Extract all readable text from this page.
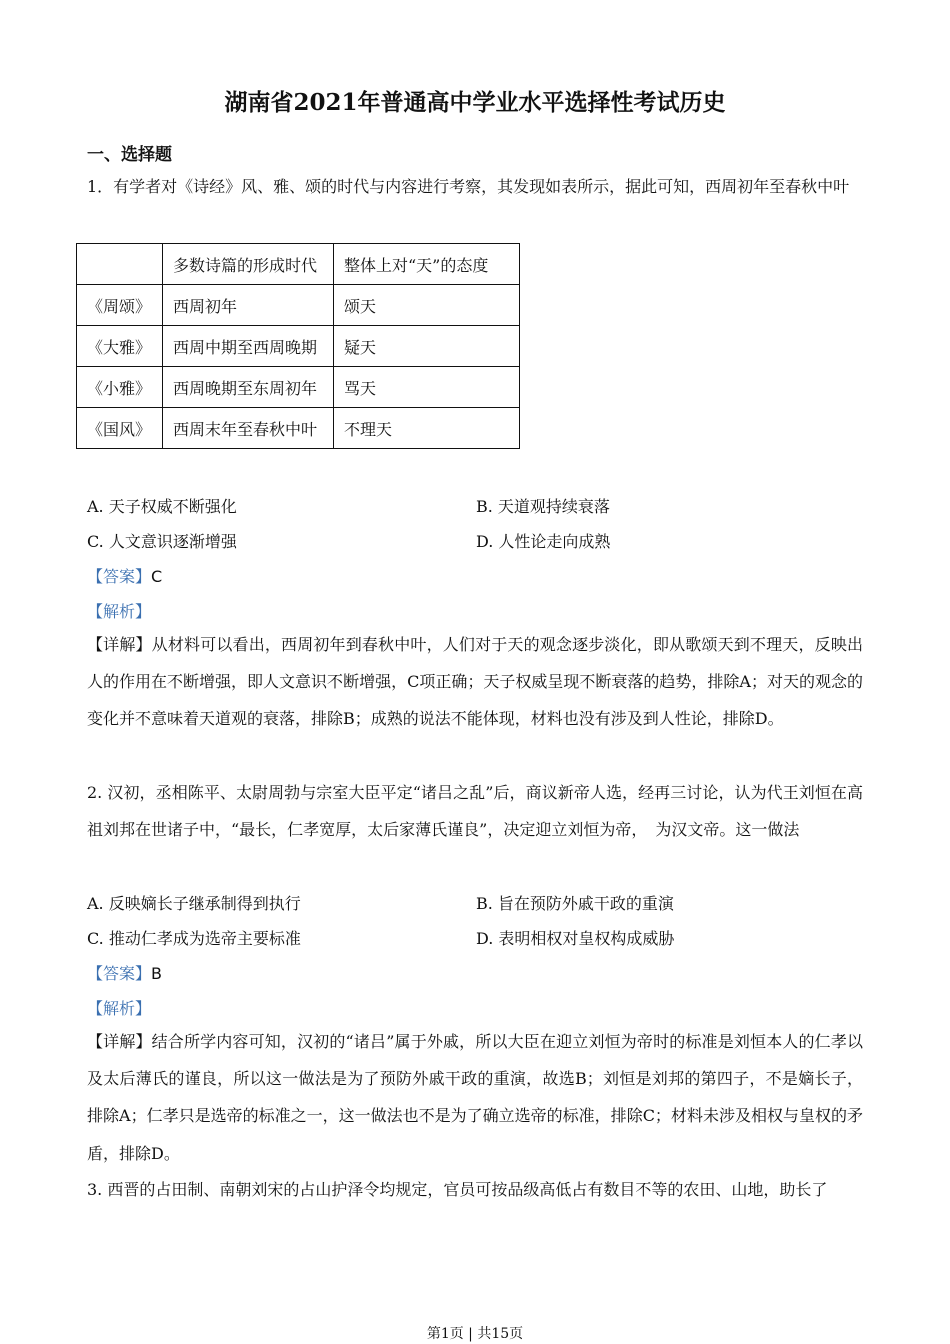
湖南省2021年普通高中学业水平选择性考试历史
一、选择题
1．有学者对《诗经》风、雅、颂的时代与内容进行考察，其发现如表所示，据此可知，西周初年至春秋中叶
	多数诗篇的形成时代	整体上对“天”的态度
《周颂》	西周初年	颂天
《大雅》	西周中期至西周晚期	疑天
《小雅》	西周晚期至东周初年	骂天
《国风》	西周末年至春秋中叶	不理天
A. 天子权威不断强化	B. 天道观持续衰落
C. 人文意识逐渐增强	D. 人性论走向成熟
【答案】C
【解析】
【详解】从材料可以看出，西周初年到春秋中叶，人们对于天的观念逐步淡化，即从歌颂天到不理天，反映出人的作用在不断增强，即人文意识不断增强，C项正确；天子权威呈现不断衰落的趋势，排除A；对天的观念的变化并不意味着天道观的衰落，排除B；成熟的说法不能体现，材料也没有涉及到人性论，排除D。
2. 汉初，丞相陈平、太尉周勃与宗室大臣平定“诸吕之乱”后，商议新帝人选，经再三讨论，认为代王刘恒在高祖刘邦在世诸子中，“最长，仁孝宽厚，太后家薄氏谨良”，决定迎立刘恒为帝，　为汉文帝。这一做法
A. 反映嫡长子继承制得到执行	B. 旨在预防外戚干政的重演
C. 推动仁孝成为选帝主要标准	D. 表明相权对皇权构成威胁
【答案】B
【解析】
【详解】结合所学内容可知，汉初的“诸吕”属于外戚，所以大臣在迎立刘恒为帝时的标准是刘恒本人的仁孝以及太后薄氏的谨良，所以这一做法是为了预防外戚干政的重演，故选B；刘恒是刘邦的第四子，不是嫡长子，排除A；仁孝只是选帝的标准之一，这一做法也不是为了确立选帝的标准，排除C；材料未涉及相权与皇权的矛盾，排除D。
3. 西晋的占田制、南朝刘宋的占山护泽令均规定，官员可按品级高低占有数目不等的农田、山地，助长了
第1页 | 共15页
